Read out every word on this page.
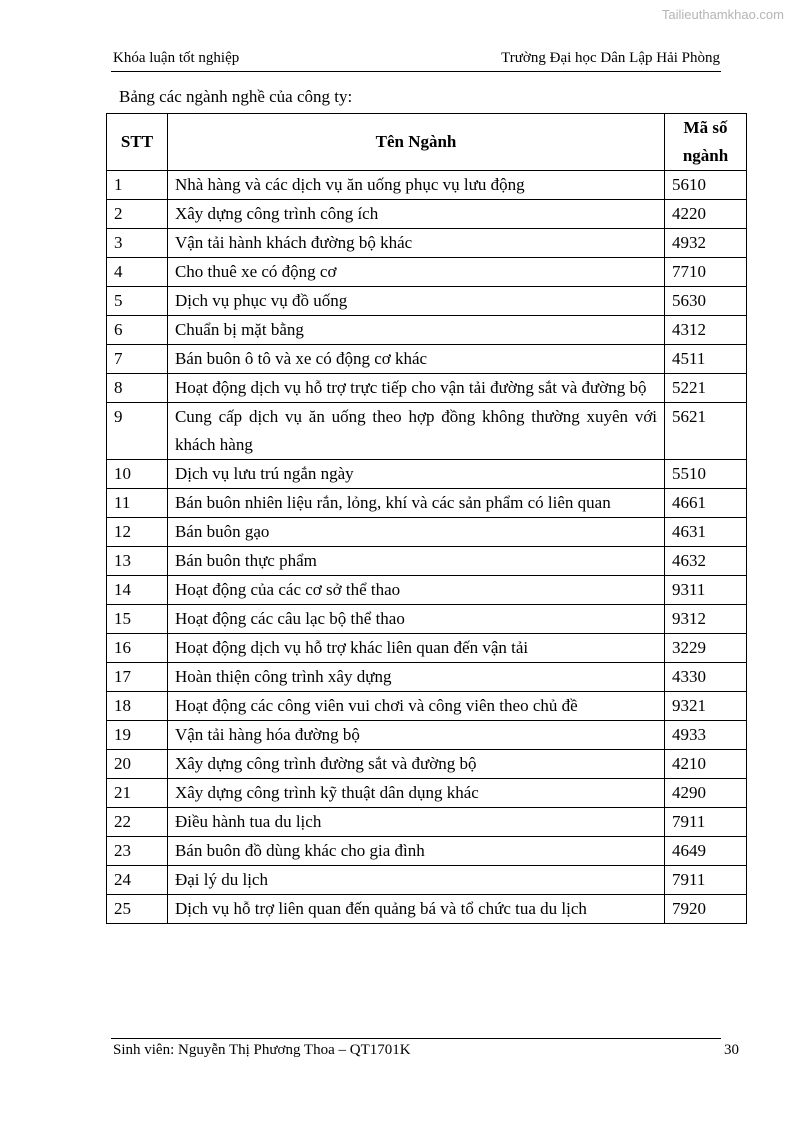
Tailieuthamkhao.com
Khóa luận tốt nghiệp	Trường Đại học Dân Lập Hải Phòng
Bảng các ngành nghề của công ty:
STT	Tên Ngành	Mã số ngành
1	Nhà hàng và các dịch vụ ăn uống phục vụ lưu động	5610
2	Xây dựng công trình công ích	4220
3	Vận tải hành khách đường bộ khác	4932
4	Cho thuê xe có động cơ	7710
5	Dịch vụ phục vụ đồ uống	5630
6	Chuẩn bị mặt bằng	4312
7	Bán buôn ô tô và xe có động cơ khác	4511
8	Hoạt động dịch vụ hỗ trợ trực tiếp cho vận tải đường sắt và đường bộ	5221
9	Cung cấp dịch vụ ăn uống theo hợp đồng không thường xuyên với khách hàng	5621
10	Dịch vụ lưu trú ngắn ngày	5510
11	Bán buôn nhiên liệu rắn, lỏng, khí và các sản phẩm có liên quan	4661
12	Bán buôn gạo	4631
13	Bán buôn thực phẩm	4632
14	Hoạt động của các cơ sở thể thao	9311
15	Hoạt động các câu lạc bộ thể thao	9312
16	Hoạt động dịch vụ hỗ trợ khác liên quan đến vận tải	3229
17	Hoàn thiện công trình xây dựng	4330
18	Hoạt động các công viên vui chơi và công viên theo chủ đề	9321
19	Vận tải hàng hóa đường bộ	4933
20	Xây dựng công trình đường sắt và đường bộ	4210
21	Xây dựng công trình kỹ thuật dân dụng khác	4290
22	Điều hành tua du lịch	7911
23	Bán buôn đồ dùng khác cho gia đình	4649
24	Đại lý du lịch	7911
25	Dịch vụ hỗ trợ liên quan đến quảng bá và tổ chức tua du lịch	7920
Sinh viên: Nguyễn Thị Phương Thoa – QT1701K	30
